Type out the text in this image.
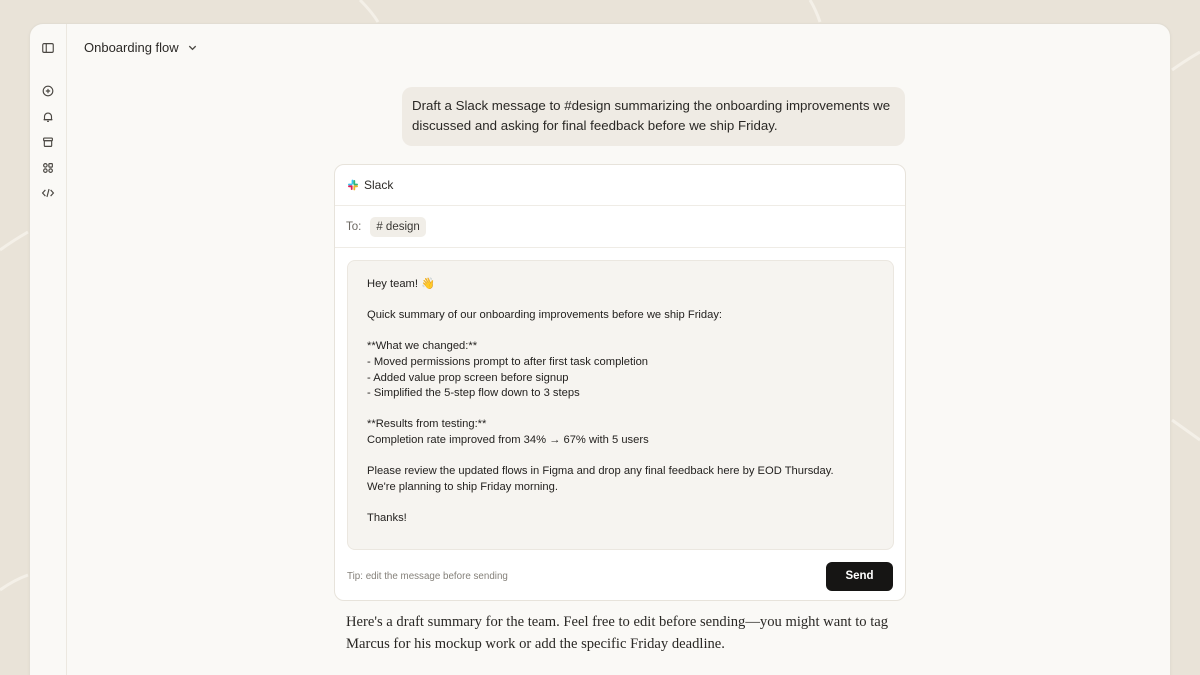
Onboarding flow
Draft a Slack message to #design summarizing the onboarding improvements we discussed and asking for final feedback before we ship Friday.
Slack
To:	# design
Hey team! 👋
Quick summary of our onboarding improvements before we ship Friday:
**What we changed:**
- Moved permissions prompt to after first task completion
- Added value prop screen before signup
- Simplified the 5-step flow down to 3 steps
**Results from testing:**
Completion rate improved from 34% → 67% with 5 users
Please review the updated flows in Figma and drop any final feedback here by EOD Thursday.
We're planning to ship Friday morning.
Thanks!
Tip: edit the message before sending	Send
Here's a draft summary for the team. Feel free to edit before sending—you might want to tag Marcus for his mockup work or add the specific Friday deadline.
